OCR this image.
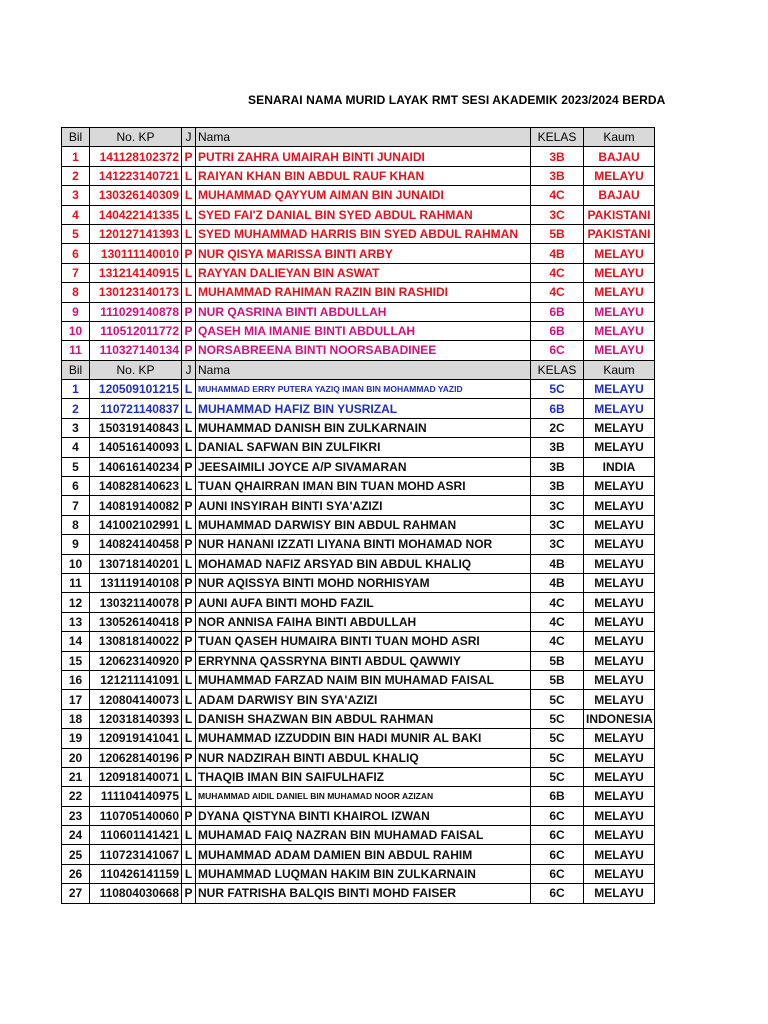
SENARAI NAMA MURID LAYAK RMT SESI AKADEMIK 2023/2024 BERDA
Bil	No. KP	J	Nama	KELAS	Kaum
1	141128102372	P	PUTRI ZAHRA UMAIRAH BINTI JUNAIDI	3B	BAJAU
2	141223140721	L	RAIYAN KHAN BIN ABDUL RAUF KHAN	3B	MELAYU
3	130326140309	L	MUHAMMAD QAYYUM AIMAN BIN JUNAIDI	4C	BAJAU
4	140422141335	L	SYED FAI'Z DANIAL BIN SYED ABDUL RAHMAN	3C	PAKISTANI
5	120127141393	L	SYED MUHAMMAD HARRIS BIN SYED ABDUL RAHMAN	5B	PAKISTANI
6	130111140010	P	NUR QISYA MARISSA BINTI ARBY	4B	MELAYU
7	131214140915	L	RAYYAN DALIEYAN BIN ASWAT	4C	MELAYU
8	130123140173	L	MUHAMMAD RAHIMAN RAZIN BIN RASHIDI	4C	MELAYU
9	111029140878	P	NUR QASRINA BINTI ABDULLAH	6B	MELAYU
10	110512011772	P	QASEH MIA IMANIE BINTI ABDULLAH	6B	MELAYU
11	110327140134	P	NORSABREENA BINTI NOORSABADINEE	6C	MELAYU
Bil	No. KP	J	Nama	KELAS	Kaum
1	120509101215	L	MUHAMMAD ERRY PUTERA YAZIQ IMAN BIN MOHAMMAD YAZID	5C	MELAYU
2	110721140837	L	MUHAMMAD HAFIZ BIN YUSRIZAL	6B	MELAYU
3	150319140843	L	MUHAMMAD DANISH BIN ZULKARNAIN	2C	MELAYU
4	140516140093	L	DANIAL SAFWAN BIN ZULFIKRI	3B	MELAYU
5	140616140234	P	JEESAIMILI JOYCE A/P SIVAMARAN	3B	INDIA
6	140828140623	L	TUAN QHAIRRAN IMAN BIN TUAN MOHD ASRI	3B	MELAYU
7	140819140082	P	AUNI INSYIRAH BINTI SYA'AZIZI	3C	MELAYU
8	141002102991	L	MUHAMMAD DARWISY BIN ABDUL RAHMAN	3C	MELAYU
9	140824140458	P	NUR HANANI IZZATI LIYANA BINTI MOHAMAD NOR	3C	MELAYU
10	130718140201	L	MOHAMAD NAFIZ ARSYAD BIN ABDUL KHALIQ	4B	MELAYU
11	131119140108	P	NUR AQISSYA BINTI MOHD NORHISYAM	4B	MELAYU
12	130321140078	P	AUNI AUFA BINTI MOHD FAZIL	4C	MELAYU
13	130526140418	P	NOR ANNISA FAIHA BINTI ABDULLAH	4C	MELAYU
14	130818140022	P	TUAN QASEH HUMAIRA BINTI TUAN MOHD ASRI	4C	MELAYU
15	120623140920	P	ERRYNNA QASSRYNA BINTI ABDUL QAWWIY	5B	MELAYU
16	121211141091	L	MUHAMMAD FARZAD NAIM BIN MUHAMAD FAISAL	5B	MELAYU
17	120804140073	L	ADAM DARWISY BIN SYA'AZIZI	5C	MELAYU
18	120318140393	L	DANISH SHAZWAN BIN ABDUL RAHMAN	5C	INDONESIA
19	120919141041	L	MUHAMMAD IZZUDDIN BIN HADI MUNIR AL BAKI	5C	MELAYU
20	120628140196	P	NUR NADZIRAH BINTI ABDUL KHALIQ	5C	MELAYU
21	120918140071	L	THAQIB IMAN BIN SAIFULHAFIZ	5C	MELAYU
22	111104140975	L	MUHAMMAD AIDIL DANIEL BIN MUHAMAD NOOR AZIZAN	6B	MELAYU
23	110705140060	P	DYANA QISTYNA BINTI KHAIROL IZWAN	6C	MELAYU
24	110601141421	L	MUHAMAD FAIQ NAZRAN BIN MUHAMAD FAISAL	6C	MELAYU
25	110723141067	L	MUHAMMAD ADAM DAMIEN BIN ABDUL RAHIM	6C	MELAYU
26	110426141159	L	MUHAMMAD LUQMAN HAKIM BIN ZULKARNAIN	6C	MELAYU
27	110804030668	P	NUR FATRISHA BALQIS BINTI MOHD FAISER	6C	MELAYU
